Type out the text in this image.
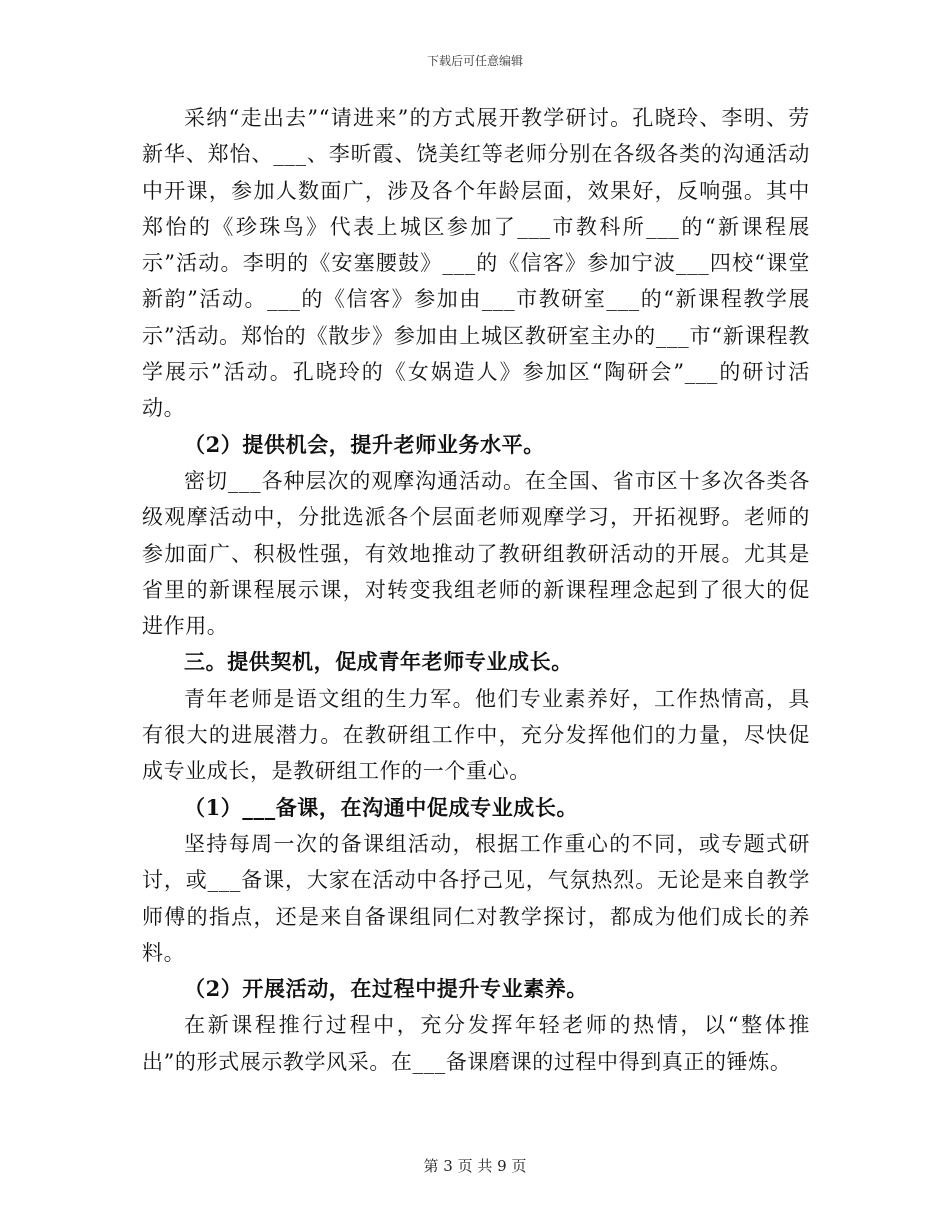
下载后可任意编辑

采纳“走出去”“请进来”的方式展开教学研讨。孔晓玲、李明、劳新华、郑怡、___、李昕霞、饶美红等老师分别在各级各类的沟通活动中开课，参加人数面广，涉及各个年龄层面，效果好，反响强。其中郑怡的《珍珠鸟》代表上城区参加了___市教科所___的“新课程展示”活动。李明的《安塞腰鼓》___的《信客》参加宁波___四校“课堂新韵”活动。___的《信客》参加由___市教研室___的“新课程教学展示”活动。郑怡的《散步》参加由上城区教研室主办的___市“新课程教学展示”活动。孔晓玲的《女娲造人》参加区“陶研会”___的研讨活动。

（2）提供机会，提升老师业务水平。

密切___各种层次的观摩沟通活动。在全国、省市区十多次各类各级观摩活动中，分批选派各个层面老师观摩学习，开拓视野。老师的参加面广、积极性强，有效地推动了教研组教研活动的开展。尤其是省里的新课程展示课，对转变我组老师的新课程理念起到了很大的促进作用。

三。提供契机，促成青年老师专业成长。

青年老师是语文组的生力军。他们专业素养好，工作热情高，具有很大的进展潜力。在教研组工作中，充分发挥他们的力量，尽快促成专业成长，是教研组工作的一个重心。

（1）___备课，在沟通中促成专业成长。

坚持每周一次的备课组活动，根据工作重心的不同，或专题式研讨，或___备课，大家在活动中各抒己见，气氛热烈。无论是来自教学师傅的指点，还是来自备课组同仁对教学探讨，都成为他们成长的养料。

（2）开展活动，在过程中提升专业素养。

在新课程推行过程中，充分发挥年轻老师的热情，以“整体推出”的形式展示教学风采。在___备课磨课的过程中得到真正的锤炼。

第 3 页 共 9 页
